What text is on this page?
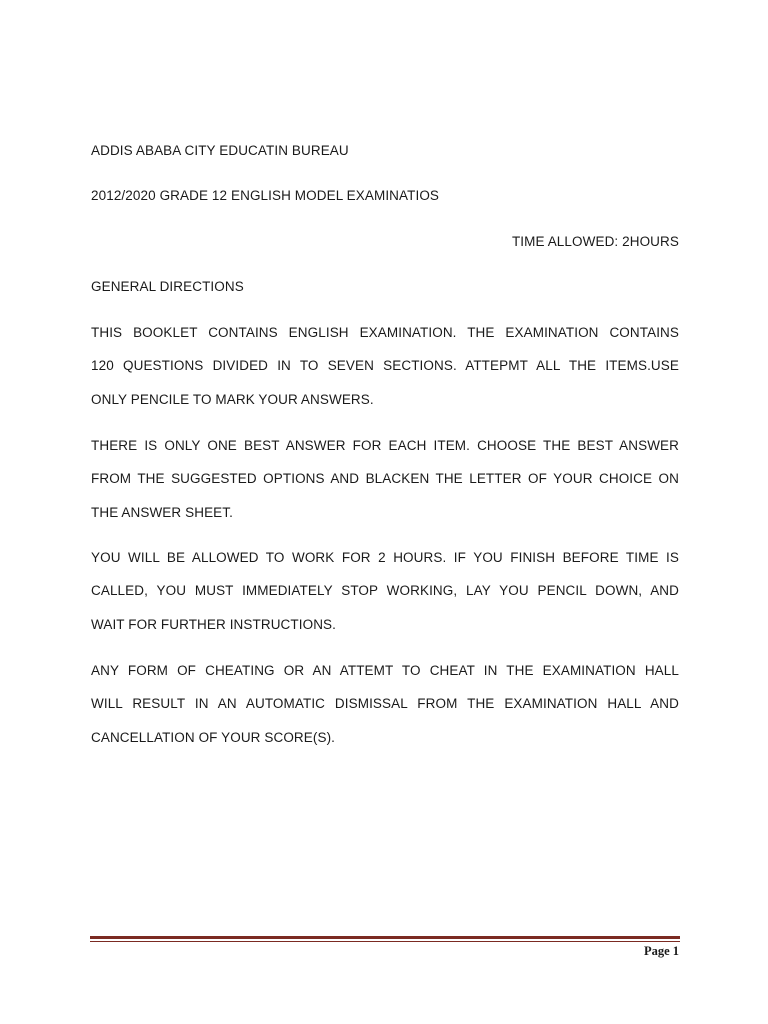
ADDIS ABABA CITY EDUCATIN BUREAU
2012/2020 GRADE 12 ENGLISH MODEL EXAMINATIOS
TIME ALLOWED: 2HOURS
GENERAL DIRECTIONS
THIS BOOKLET CONTAINS ENGLISH EXAMINATION. THE EXAMINATION CONTAINS
120 QUESTIONS DIVIDED IN TO SEVEN SECTIONS. ATTEPMT ALL THE ITEMS.USE
ONLY PENCILE TO MARK YOUR ANSWERS.
THERE IS ONLY ONE BEST ANSWER FOR EACH ITEM. CHOOSE THE BEST ANSWER
FROM THE SUGGESTED OPTIONS AND BLACKEN THE LETTER OF YOUR CHOICE ON
THE ANSWER SHEET.
YOU WILL BE ALLOWED TO WORK FOR 2 HOURS. IF YOU FINISH BEFORE TIME IS
CALLED, YOU MUST IMMEDIATELY STOP WORKING, LAY YOU PENCIL DOWN, AND
WAIT FOR FURTHER INSTRUCTIONS.
ANY FORM OF CHEATING OR AN ATTEMT TO CHEAT IN THE EXAMINATION HALL
WILL RESULT IN AN AUTOMATIC DISMISSAL FROM THE EXAMINATION HALL AND
CANCELLATION OF YOUR SCORE(S).
Page 1
